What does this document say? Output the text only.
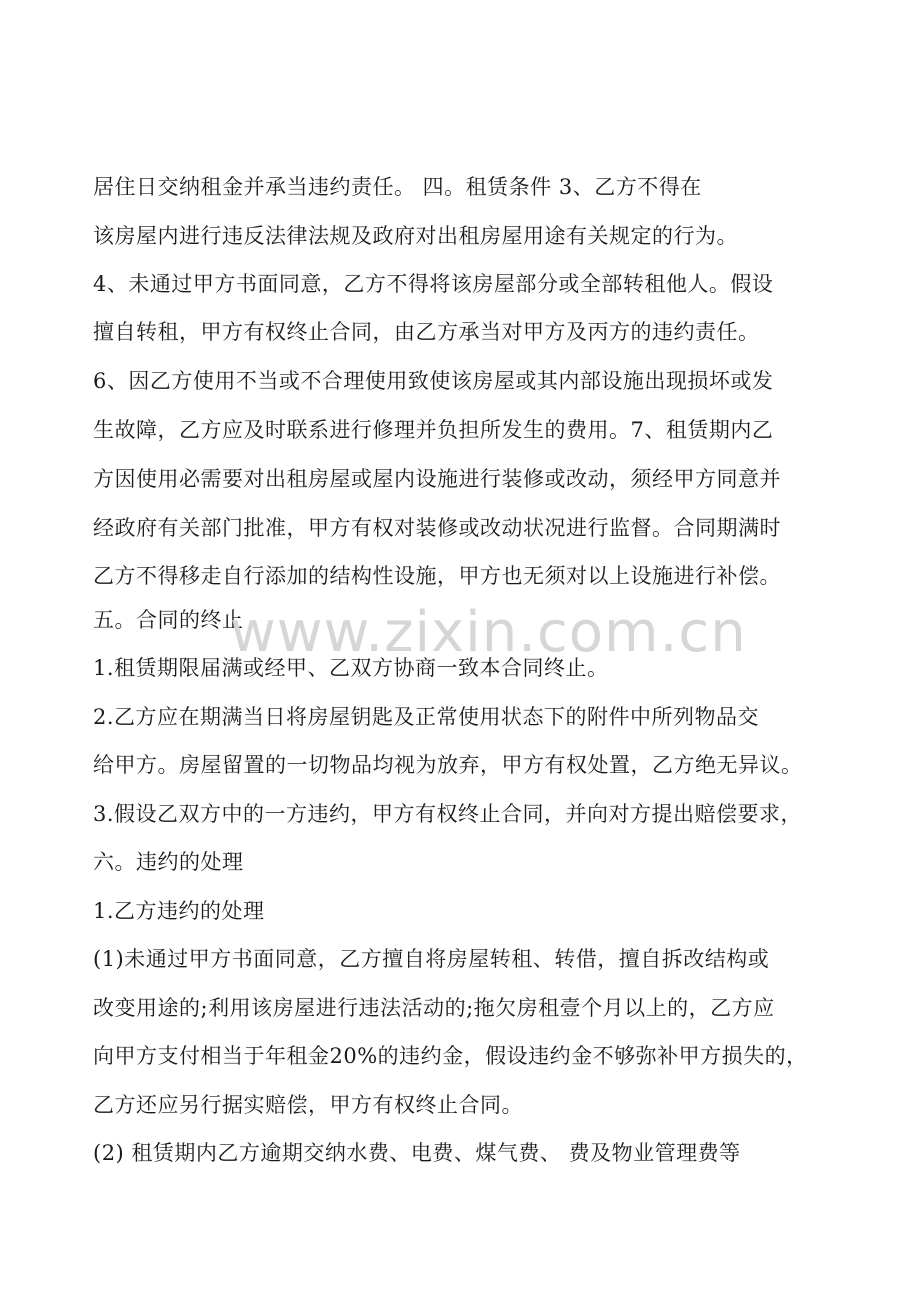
居住日交纳租金并承当违约责任。 四。租赁条件 3、乙方不得在
该房屋内进行违反法律法规及政府对出租房屋用途有关规定的行为。
4、未通过甲方书面同意，乙方不得将该房屋部分或全部转租他人。假设
擅自转租，甲方有权终止合同，由乙方承当对甲方及丙方的违约责任。
6、因乙方使用不当或不合理使用致使该房屋或其内部设施出现损坏或发
生故障，乙方应及时联系进行修理并负担所发生的费用。7、租赁期内乙
方因使用必需要对出租房屋或屋内设施进行装修或改动，须经甲方同意并
经政府有关部门批准，甲方有权对装修或改动状况进行监督。合同期满时
乙方不得移走自行添加的结构性设施，甲方也无须对以上设施进行补偿。
五。合同的终止
1.租赁期限届满或经甲、乙双方协商一致本合同终止。
2.乙方应在期满当日将房屋钥匙及正常使用状态下的附件中所列物品交
给甲方。房屋留置的一切物品均视为放弃，甲方有权处置，乙方绝无异议。
3.假设乙双方中的一方违约，甲方有权终止合同，并向对方提出赔偿要求，
六。违约的处理
1.乙方违约的处理
(1)未通过甲方书面同意，乙方擅自将房屋转租、转借，擅自拆改结构或
改变用途的;利用该房屋进行违法活动的;拖欠房租壹个月以上的，乙方应
向甲方支付相当于年租金20%的违约金，假设违约金不够弥补甲方损失的，
乙方还应另行据实赔偿，甲方有权终止合同。
(2) 租赁期内乙方逾期交纳水费、电费、煤气费、 费及物业管理费等
www.zixin.com.cn
